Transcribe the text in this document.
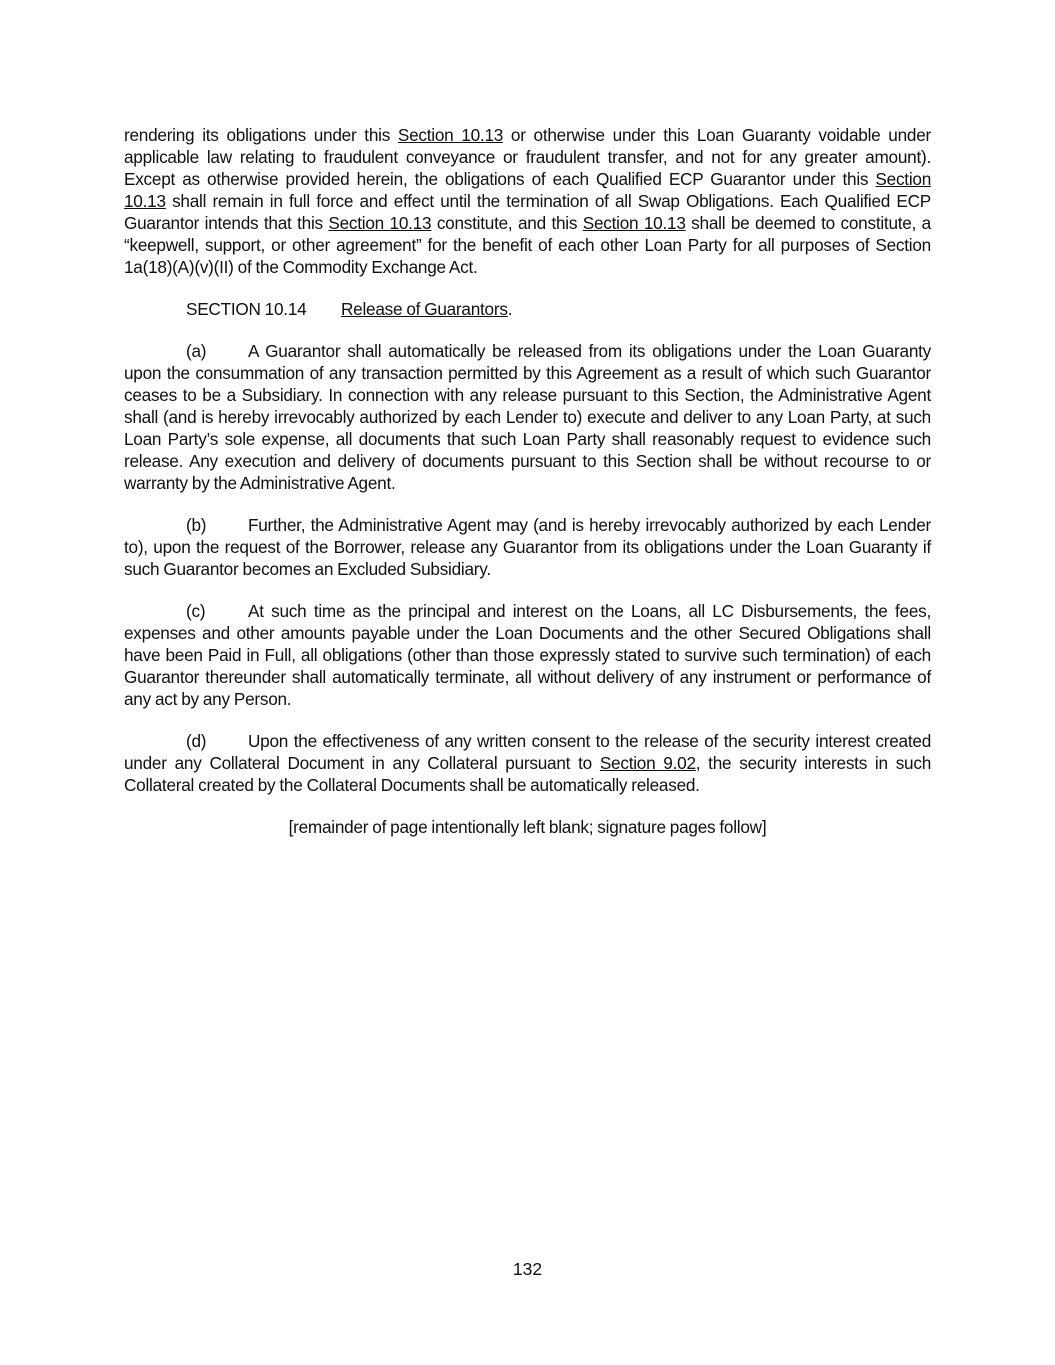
rendering its obligations under this Section 10.13 or otherwise under this Loan Guaranty voidable under applicable law relating to fraudulent conveyance or fraudulent transfer, and not for any greater amount). Except as otherwise provided herein, the obligations of each Qualified ECP Guarantor under this Section 10.13 shall remain in full force and effect until the termination of all Swap Obligations. Each Qualified ECP Guarantor intends that this Section 10.13 constitute, and this Section 10.13 shall be deemed to constitute, a “keepwell, support, or other agreement” for the benefit of each other Loan Party for all purposes of Section 1a(18)(A)(v)(II) of the Commodity Exchange Act.

SECTION 10.14 Release of Guarantors.

(a) A Guarantor shall automatically be released from its obligations under the Loan Guaranty upon the consummation of any transaction permitted by this Agreement as a result of which such Guarantor ceases to be a Subsidiary. In connection with any release pursuant to this Section, the Administrative Agent shall (and is hereby irrevocably authorized by each Lender to) execute and deliver to any Loan Party, at such Loan Party’s sole expense, all documents that such Loan Party shall reasonably request to evidence such release. Any execution and delivery of documents pursuant to this Section shall be without recourse to or warranty by the Administrative Agent.

(b) Further, the Administrative Agent may (and is hereby irrevocably authorized by each Lender to), upon the request of the Borrower, release any Guarantor from its obligations under the Loan Guaranty if such Guarantor becomes an Excluded Subsidiary.

(c) At such time as the principal and interest on the Loans, all LC Disbursements, the fees, expenses and other amounts payable under the Loan Documents and the other Secured Obligations shall have been Paid in Full, all obligations (other than those expressly stated to survive such termination) of each Guarantor thereunder shall automatically terminate, all without delivery of any instrument or performance of any act by any Person.

(d) Upon the effectiveness of any written consent to the release of the security interest created under any Collateral Document in any Collateral pursuant to Section 9.02, the security interests in such Collateral created by the Collateral Documents shall be automatically released.

[remainder of page intentionally left blank; signature pages follow]

132
